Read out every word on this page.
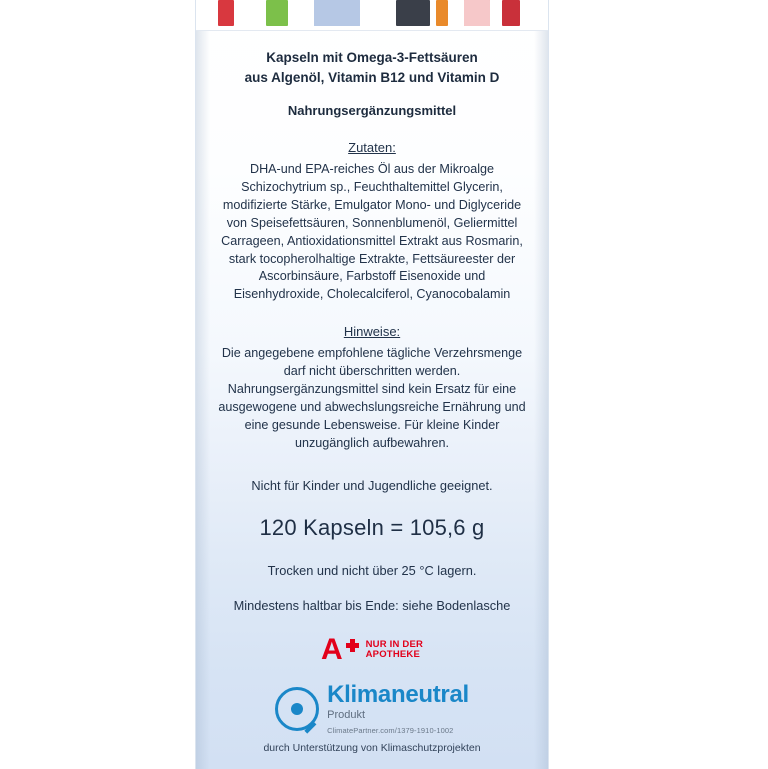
Kapseln mit Omega-3-Fettsäuren
aus Algenöl, Vitamin B12 und Vitamin D
Nahrungsergänzungsmittel
Zutaten:
DHA-und EPA-reiches Öl aus der Mikroalge Schizochytrium sp., Feuchthaltemittel Glycerin, modifizierte Stärke, Emulgator Mono- und Diglyceride von Speisefettsäuren, Sonnenblumenöl, Geliermittel Carrageen, Antioxidationsmittel Extrakt aus Rosmarin, stark tocopherolhaltige Extrakte, Fettsäureester der Ascorbinsäure, Farbstoff Eisenoxide und Eisenhydroxide, Cholecalciferol, Cyanocobalamin
Hinweise:
Die angegebene empfohlene tägliche Verzehrsmenge darf nicht überschritten werden. Nahrungsergänzungsmittel sind kein Ersatz für eine ausgewogene und abwechslungsreiche Ernährung und eine gesunde Lebensweise. Für kleine Kinder unzugänglich aufbewahren.
Nicht für Kinder und Jugendliche geeignet.
120 Kapseln = 105,6 g
Trocken und nicht über 25 °C lagern.
Mindestens haltbar bis Ende: siehe Bodenlasche
A NUR IN DER
APOTHEKE
Klimaneutral
Produkt
ClimatePartner.com/1379-1910-1002
durch Unterstützung von Klimaschutzprojekten
